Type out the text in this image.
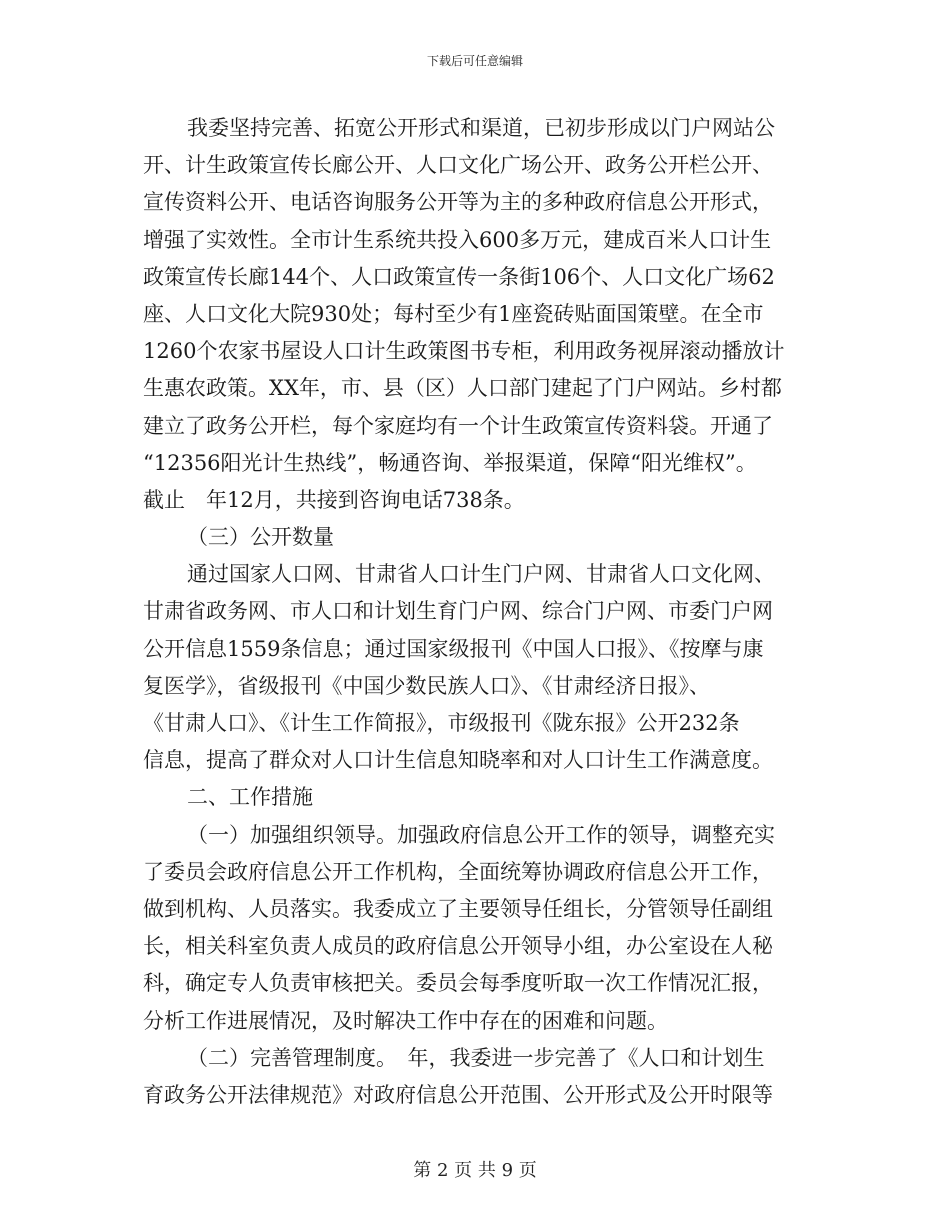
下载后可任意编辑
我委坚持完善、拓宽公开形式和渠道，已初步形成以门户网站公
开、计生政策宣传长廊公开、人口文化广场公开、政务公开栏公开、
宣传资料公开、电话咨询服务公开等为主的多种政府信息公开形式，
增强了实效性。全市计生系统共投入600多万元，建成百米人口计生
政策宣传长廊144个、人口政策宣传一条街106个、人口文化广场62
座、人口文化大院930处；每村至少有1座瓷砖贴面国策壁。在全市
1260个农家书屋设人口计生政策图书专柜，利用政务视屏滚动播放计
生惠农政策。XX年，市、县（区）人口部门建起了门户网站。乡村都
建立了政务公开栏，每个家庭均有一个计生政策宣传资料袋。开通了
“12356阳光计生热线”，畅通咨询、举报渠道，保障“阳光维权”。
截止　年12月，共接到咨询电话738条。
（三）公开数量
通过国家人口网、甘肃省人口计生门户网、甘肃省人口文化网、
甘肃省政务网、市人口和计划生育门户网、综合门户网、市委门户网
公开信息1559条信息；通过国家级报刊《中国人口报》、《按摩与康
复医学》，省级报刊《中国少数民族人口》、《甘肃经济日报》、
《甘肃人口》、《计生工作简报》，市级报刊《陇东报》公开232条
信息，提高了群众对人口计生信息知晓率和对人口计生工作满意度。
二、工作措施
（一）加强组织领导。加强政府信息公开工作的领导，调整充实
了委员会政府信息公开工作机构，全面统筹协调政府信息公开工作，
做到机构、人员落实。我委成立了主要领导任组长，分管领导任副组
长，相关科室负责人成员的政府信息公开领导小组，办公室设在人秘
科，确定专人负责审核把关。委员会每季度听取一次工作情况汇报，
分析工作进展情况，及时解决工作中存在的困难和问题。
（二）完善管理制度。　年，我委进一步完善了《人口和计划生
育政务公开法律规范》对政府信息公开范围、公开形式及公开时限等
第 2 页 共 9 页
